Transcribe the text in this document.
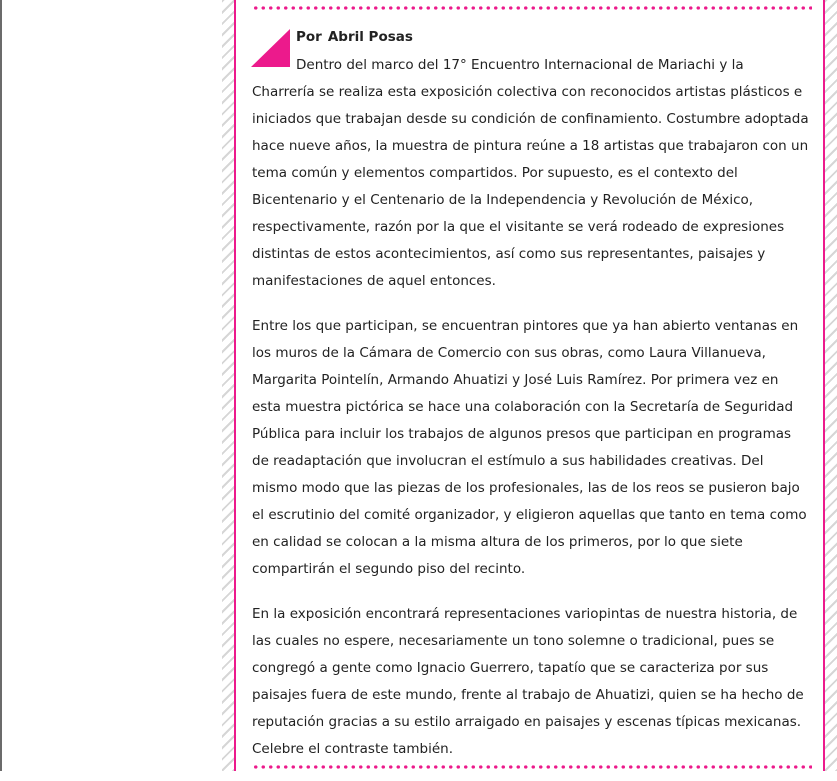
Por Abril Posas

Dentro del marco del 17° Encuentro Internacional de Mariachi y la Charrería se realiza esta exposición colectiva con reconocidos artistas plásticos e iniciados que trabajan desde su condición de confinamiento. Costumbre adoptada hace nueve años, la muestra de pintura reúne a 18 artistas que trabajaron con un tema común y elementos compartidos. Por supuesto, es el contexto del Bicentenario y el Centenario de la Independencia y Revolución de México, respectivamente, razón por la que el visitante se verá rodeado de expresiones distintas de estos acontecimientos, así como sus representantes, paisajes y manifestaciones de aquel entonces.

Entre los que participan, se encuentran pintores que ya han abierto ventanas en los muros de la Cámara de Comercio con sus obras, como Laura Villanueva, Margarita Pointelín, Armando Ahuatizi y José Luis Ramírez. Por primera vez en esta muestra pictórica se hace una colaboración con la Secretaría de Seguridad Pública para incluir los trabajos de algunos presos que participan en programas de readaptación que involucran el estímulo a sus habilidades creativas. Del mismo modo que las piezas de los profesionales, las de los reos se pusieron bajo el escrutinio del comité organizador, y eligieron aquellas que tanto en tema como en calidad se colocan a la misma altura de los primeros, por lo que siete compartirán el segundo piso del recinto.

En la exposición encontrará representaciones variopintas de nuestra historia, de las cuales no espere, necesariamente un tono solemne o tradicional, pues se congregó a gente como Ignacio Guerrero, tapatío que se caracteriza por sus paisajes fuera de este mundo, frente al trabajo de Ahuatizi, quien se ha hecho de reputación gracias a su estilo arraigado en paisajes y escenas típicas mexicanas. Celebre el contraste también.
